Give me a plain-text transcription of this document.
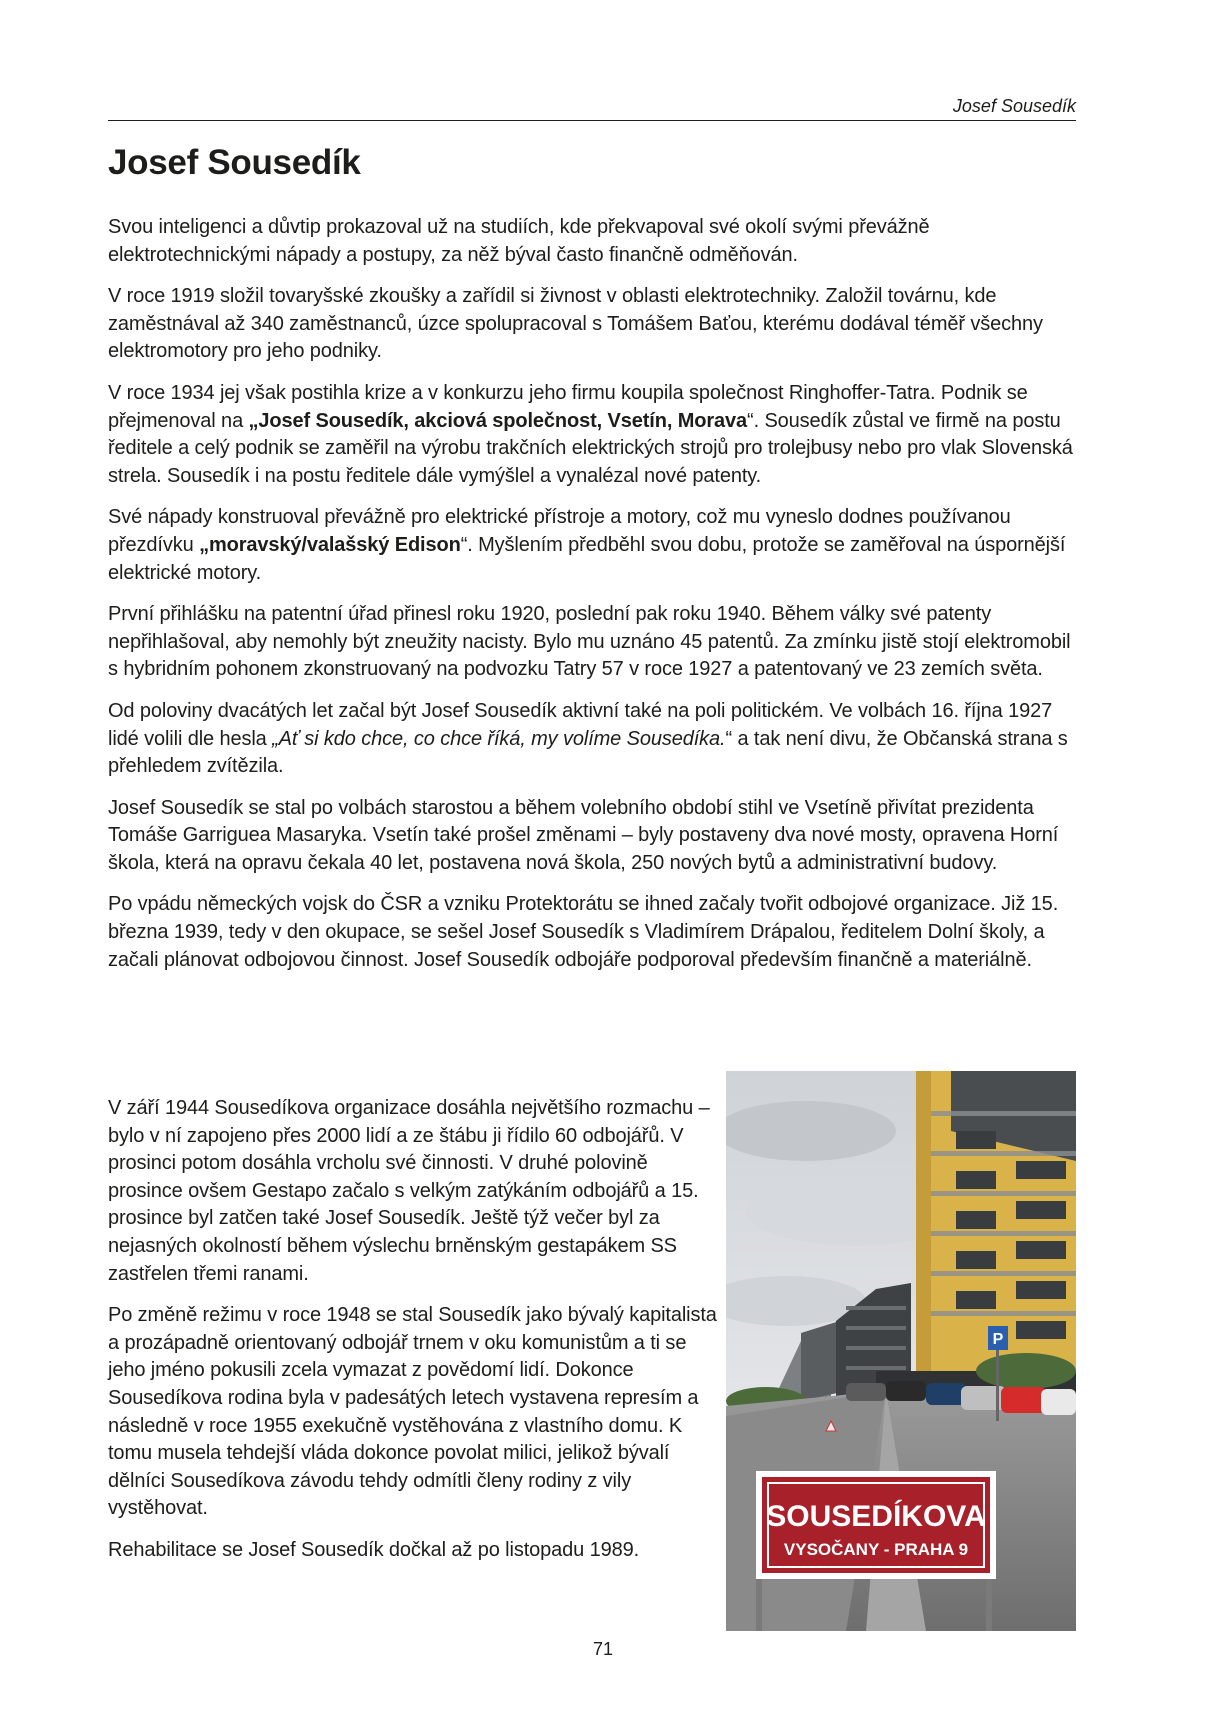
Josef Sousedík
Josef Sousedík

Svou inteligenci a důvtip prokazoval už na studiích, kde překvapoval své okolí svými převážně elektrotechnickými nápady a postupy, za něž býval často finančně odměňován.

V roce 1919 složil tovaryšské zkoušky a zařídil si živnost v oblasti elektrotechniky. Založil továrnu, kde zaměstnával až 340 zaměstnanců, úzce spolupracoval s Tomášem Baťou, kterému dodával téměř všechny elektromotory pro jeho podniky.

V roce 1934 jej však postihla krize a v konkurzu jeho firmu koupila společnost Ringhoffer-Tatra. Podnik se přejmenoval na „Josef Sousedík, akciová společnost, Vsetín, Morava“. Sousedík zůstal ve firmě na postu ředitele a celý podnik se zaměřil na výrobu trakčních elektrických strojů pro trolejbusy nebo pro vlak Slovenská strela. Sousedík i na postu ředitele dále vymýšlel a vynalézal nové patenty.

Své nápady konstruoval převážně pro elektrické přístroje a motory, což mu vyneslo dodnes používanou přezdívku „moravský/valašský Edison“. Myšlením předběhl svou dobu, protože se zaměřoval na úspornější elektrické motory.

První přihlášku na patentní úřad přinesl roku 1920, poslední pak roku 1940. Během války své patenty nepřihlašoval, aby nemohly být zneužity nacisty. Bylo mu uznáno 45 patentů. Za zmínku jistě stojí elektromobil s hybridním pohonem zkonstruovaný na podvozku Tatry 57 v roce 1927 a patentovaný ve 23 zemích světa.

Od poloviny dvacátých let začal být Josef Sousedík aktivní také na poli politickém. Ve volbách 16. října 1927 lidé volili dle hesla „Ať si kdo chce, co chce říká, my volíme Sousedíka.“ a tak není divu, že Občanská strana s přehledem zvítězila.

Josef Sousedík se stal po volbách starostou a během volebního období stihl ve Vsetíně přivítat prezidenta Tomáše Garriguea Masaryka. Vsetín také prošel změnami – byly postaveny dva nové mosty, opravena Horní škola, která na opravu čekala 40 let, postavena nová škola, 250 nových bytů a administrativní budovy.

Po vpádu německých vojsk do ČSR a vzniku Protektorátu se ihned začaly tvořit odbojové organizace. Již 15. března 1939, tedy v den okupace, se sešel Josef Sousedík s Vladimírem Drápalou, ředitelem Dolní školy, a začali plánovat odbojovou činnost. Josef Sousedík odbojáře podporoval především finančně a materiálně.

V září 1944 Sousedíkova organizace dosáhla největšího rozmachu – bylo v ní zapojeno přes 2000 lidí a ze štábu ji řídilo 60 odbojářů. V prosinci potom dosáhla vrcholu své činnosti. V druhé polovině prosince ovšem Gestapo začalo s velkým zatýkáním odbojářů a 15. prosince byl zatčen také Josef Sousedík. Ještě týž večer byl za nejasných okolností během výslechu brněnským gestapákem SS zastřelen třemi ranami.

Po změně režimu v roce 1948 se stal Sousedík jako bývalý kapitalista a prozápadně orientovaný odbojář trnem v oku komunistům a ti se jeho jméno pokusili zcela vymazat z povědomí lidí. Dokonce Sousedíkova rodina byla v padesátých letech vystavena represím a následně v roce 1955 exekučně vystěhována z vlastního domu. K tomu musela tehdejší vláda dokonce povolat milici, jelikož bývalí dělníci Sousedíkova závodu tehdy odmítli členy rodiny z vily vystěhovat.

Rehabilitace se Josef Sousedík dočkal až po listopadu 1989.

P
SOUSEDÍKOVA
VYSOČANY - PRAHA 9
71
